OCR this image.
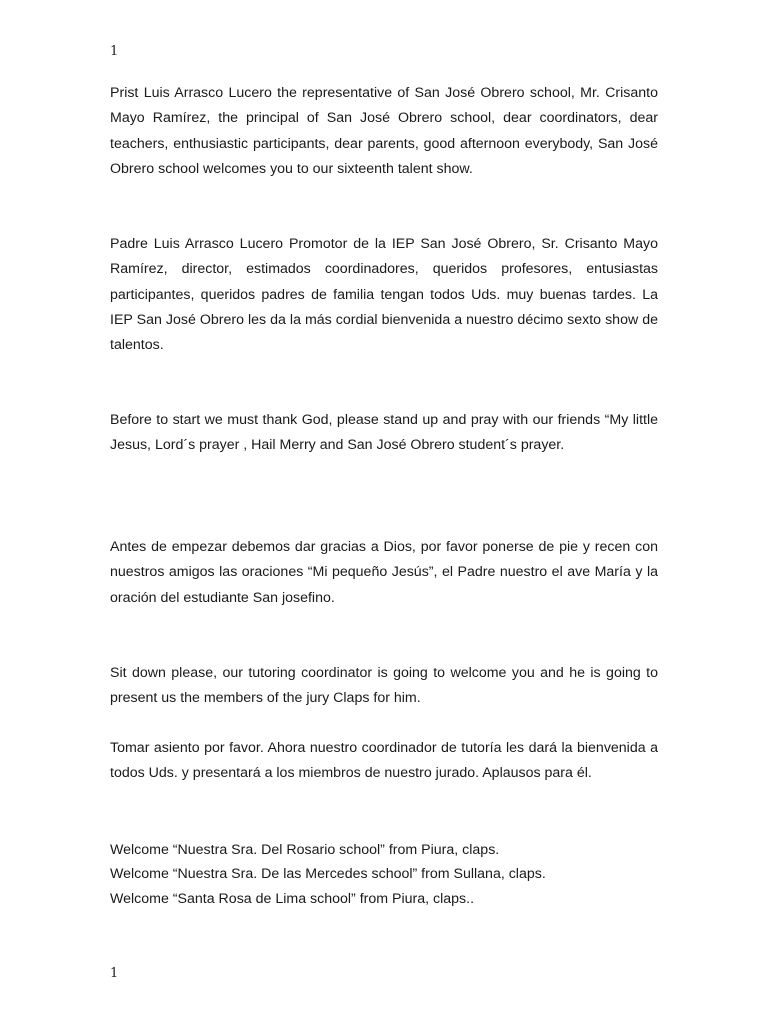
1

Prist Luis Arrasco Lucero the representative of San José Obrero school, Mr. Crisanto Mayo Ramírez, the principal of San José Obrero school, dear coordinators, dear teachers, enthusiastic participants, dear parents, good afternoon everybody, San José Obrero school welcomes you to our sixteenth talent show.

Padre Luis Arrasco Lucero Promotor de la IEP San José Obrero, Sr. Crisanto Mayo Ramírez, director, estimados coordinadores, queridos profesores, entusiastas participantes, queridos padres de familia tengan todos Uds. muy buenas tardes. La IEP San José Obrero les da la más cordial bienvenida a nuestro décimo sexto show de talentos.

Before to start we must thank God, please stand up and pray with our friends “My little Jesus, Lord´s prayer , Hail Merry and San José Obrero student´s prayer.

Antes de empezar debemos dar gracias a Dios, por favor ponerse de pie y recen con nuestros amigos las oraciones “Mi pequeño Jesús”, el Padre nuestro el ave María y la oración del estudiante San josefino.

Sit down please, our tutoring coordinator is going to welcome you and he is going to present us the members of the jury Claps for him.

Tomar asiento por favor. Ahora nuestro coordinador de tutoría les dará la bienvenida a todos Uds. y presentará a los miembros de nuestro jurado. Aplausos para él.

Welcome “Nuestra Sra. Del Rosario school” from Piura, claps.

Welcome “Nuestra Sra. De las Mercedes school” from Sullana, claps.

Welcome “Santa Rosa de Lima school” from Piura, claps..

1
